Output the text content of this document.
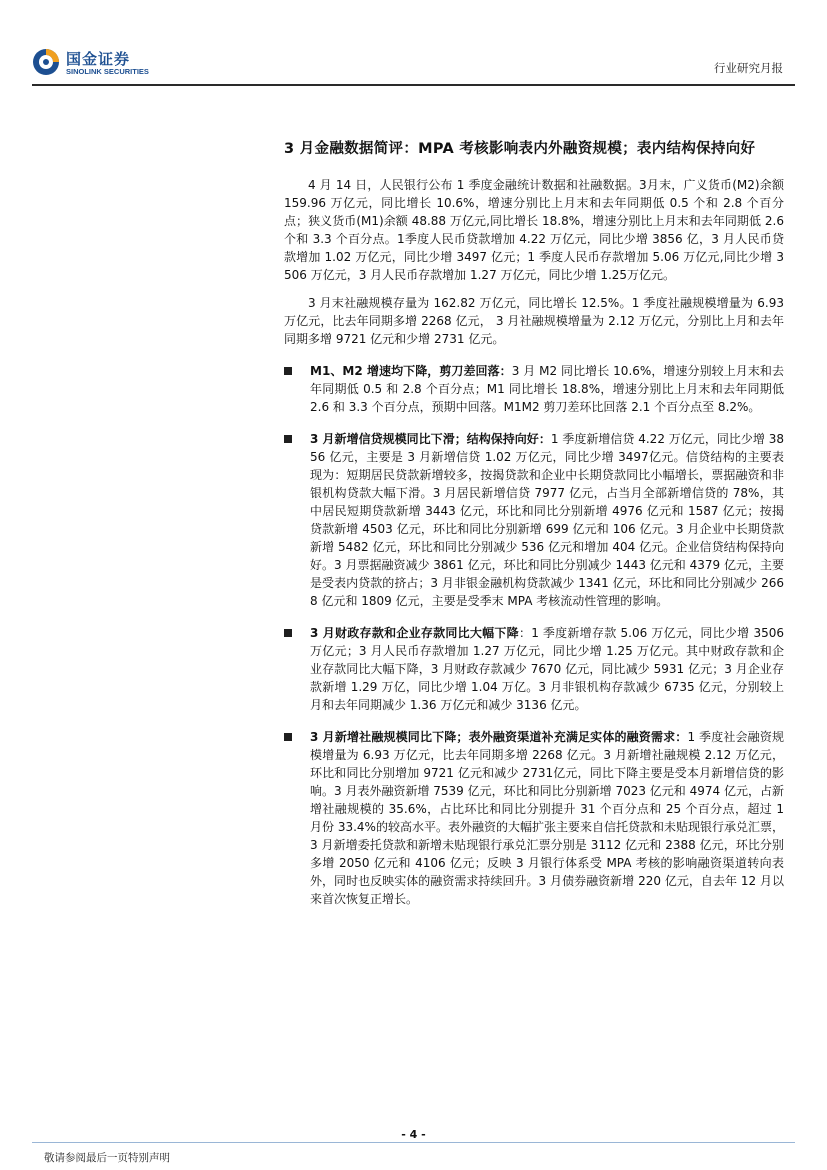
国金证券
SINOLINK SECURITIES	行业研究月报
3 月金融数据简评：MPA 考核影响表内外融资规模；表内结构保持向好

4 月 14 日，人民银行公布 1 季度金融统计数据和社融数据。3月末，广义货币(M2)余额 159.96 万亿元，同比增长 10.6%，增速分别比上月末和去年同期低 0.5 个和 2.8 个百分点；狭义货币(M1)余额 48.88 万亿元,同比增长 18.8%，增速分别比上月末和去年同期低 2.6 个和 3.3 个百分点。1季度人民币贷款增加 4.22 万亿元，同比少增 3856 亿，3 月人民币贷款增加 1.02 万亿元，同比少增 3497 亿元；1 季度人民币存款增加 5.06 万亿元,同比少增 3506 万亿元，3 月人民币存款增加 1.27 万亿元，同比少增 1.25万亿元。

3 月末社融规模存量为 162.82 万亿元，同比增长 12.5%。1 季度社融规模增量为 6.93 万亿元，比去年同期多增 2268 亿元， 3 月社融规模增量为 2.12 万亿元，分别比上月和去年同期多增 9721 亿元和少增 2731 亿元。

M1、M2 增速均下降，剪刀差回落：3 月 M2 同比增长 10.6%，增速分别较上月末和去年同期低 0.5 和 2.8 个百分点；M1 同比增长 18.8%，增速分别比上月末和去年同期低 2.6 和 3.3 个百分点，预期中回落。M1M2 剪刀差环比回落 2.1 个百分点至 8.2%。
3 月新增信贷规模同比下滑；结构保持向好：1 季度新增信贷 4.22 万亿元，同比少增 3856 亿元，主要是 3 月新增信贷 1.02 万亿元，同比少增 3497亿元。信贷结构的主要表现为：短期居民贷款新增较多，按揭贷款和企业中长期贷款同比小幅增长，票据融资和非银机构贷款大幅下滑。3 月居民新增信贷 7977 亿元，占当月全部新增信贷的 78%，其中居民短期贷款新增 3443 亿元，环比和同比分别新增 4976 亿元和 1587 亿元；按揭贷款新增 4503 亿元，环比和同比分别新增 699 亿元和 106 亿元。3 月企业中长期贷款新增 5482 亿元，环比和同比分别减少 536 亿元和增加 404 亿元。企业信贷结构保持向好。3 月票据融资减少 3861 亿元，环比和同比分别减少 1443 亿元和 4379 亿元，主要是受表内贷款的挤占；3 月非银金融机构贷款减少 1341 亿元，环比和同比分别减少 2668 亿元和 1809 亿元，主要是受季末 MPA 考核流动性管理的影响。
3 月财政存款和企业存款同比大幅下降：1 季度新增存款 5.06 万亿元，同比少增 3506 万亿元；3 月人民币存款增加 1.27 万亿元，同比少增 1.25 万亿元。其中财政存款和企业存款同比大幅下降，3 月财政存款减少 7670 亿元，同比减少 5931 亿元；3 月企业存款新增 1.29 万亿，同比少增 1.04 万亿。3 月非银机构存款减少 6735 亿元，分别较上月和去年同期减少 1.36 万亿元和减少 3136 亿元。
3 月新增社融规模同比下降；表外融资渠道补充满足实体的融资需求：1 季度社会融资规模增量为 6.93 万亿元，比去年同期多增 2268 亿元。3 月新增社融规模 2.12 万亿元，环比和同比分别增加 9721 亿元和减少 2731亿元，同比下降主要是受本月新增信贷的影响。3 月表外融资新增 7539 亿元，环比和同比分别新增 7023 亿元和 4974 亿元，占新增社融规模的 35.6%，占比环比和同比分别提升 31 个百分点和 25 个百分点，超过 1 月份 33.4%的较高水平。表外融资的大幅扩张主要来自信托贷款和未贴现银行承兑汇票，3 月新增委托贷款和新增未贴现银行承兑汇票分别是 3112 亿元和 2388 亿元，环比分别多增 2050 亿元和 4106 亿元；反映 3 月银行体系受 MPA 考核的影响融资渠道转向表外，同时也反映实体的融资需求持续回升。3 月债券融资新增 220 亿元，自去年 12 月以来首次恢复正增长。
- 4 -
敬请参阅最后一页特别声明
